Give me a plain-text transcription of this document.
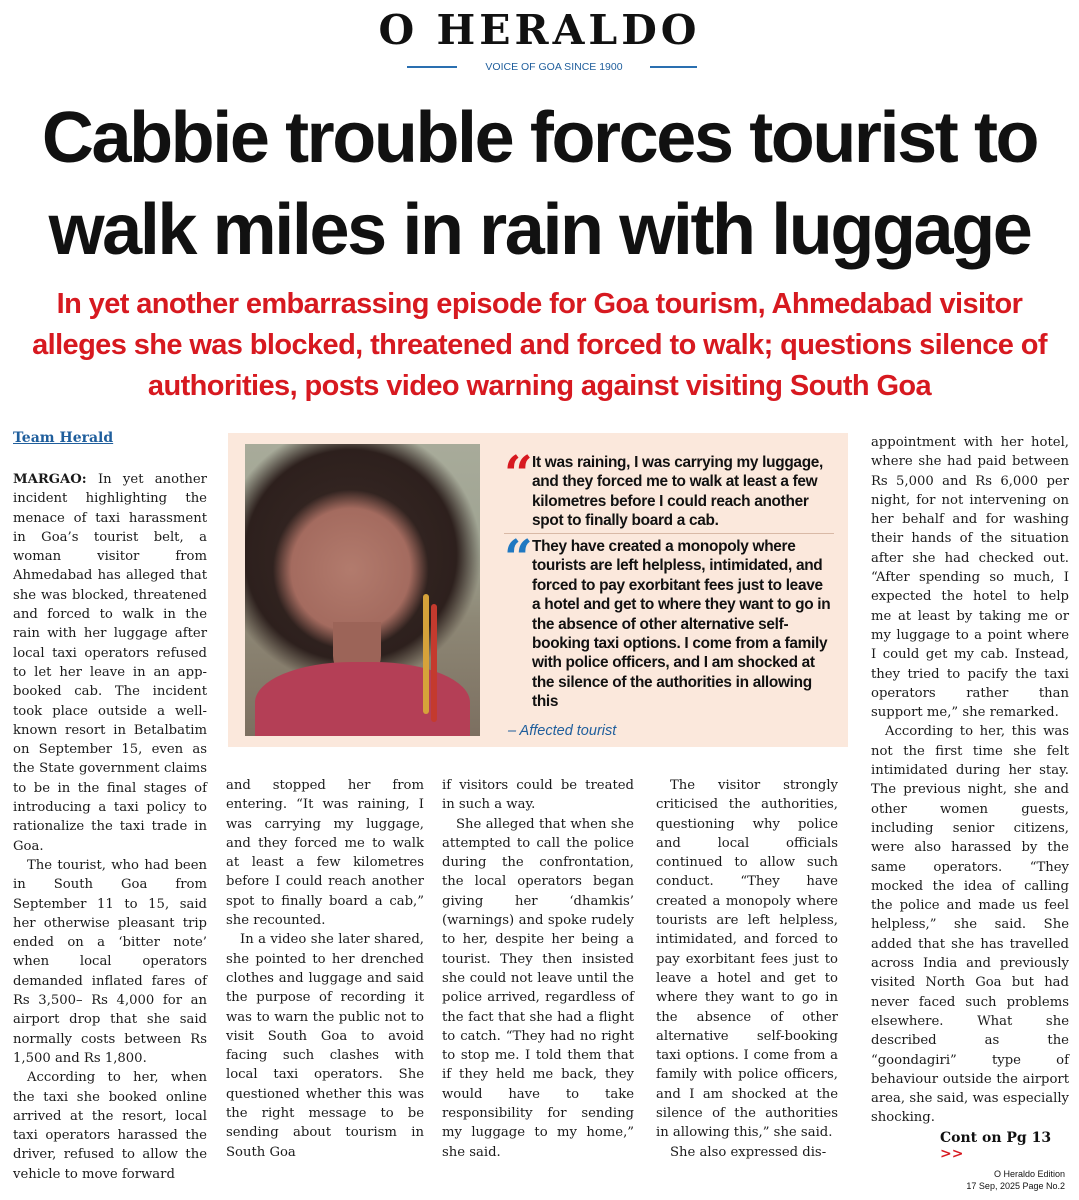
O HERALDO
VOICE OF GOA SINCE 1900
Cabbie trouble forces tourist to walk miles in rain with luggage
In yet another embarrassing episode for Goa tourism, Ahmedabad visitor alleges she was blocked, threatened and forced to walk; questions silence of authorities, posts video warning against visiting South Goa
Team Herald

MARGAO: In yet another incident highlighting the menace of taxi harassment in Goa’s tourist belt, a woman visitor from Ahmedabad has alleged that she was blocked, threatened and forced to walk in the rain with her luggage after local taxi operators refused to let her leave in an app-booked cab. The incident took place outside a well-known resort in Betalbatim on September 15, even as the State government claims to be in the final stages of introducing a taxi policy to rationalize the taxi trade in Goa.

The tourist, who had been in South Goa from September 11 to 15, said her otherwise pleasant trip ended on a ‘bitter note’ when local operators demanded inflated fares of Rs 3,500– Rs 4,000 for an airport drop that she said normally costs between Rs 1,500 and Rs 1,800.

According to her, when the taxi she booked online arrived at the resort, local taxi operators harassed the driver, refused to allow the vehicle to move forward

“ It was raining, I was carrying my luggage, and they forced me to walk at least a few kilometres before I could reach another spot to finally board a cab.

“ They have created a monopoly where tourists are left helpless, intimidated, and forced to pay exorbitant fees just to leave a hotel and get to where they want to go in the absence of other alternative self-booking taxi options. I come from a family with police officers, and I am shocked at the silence of the authorities in allowing this

– Affected tourist

and stopped her from entering. “It was raining, I was carrying my luggage, and they forced me to walk at least a few kilometres before I could reach another spot to finally board a cab,” she recounted.

In a video she later shared, she pointed to her drenched clothes and luggage and said the purpose of recording it was to warn the public not to visit South Goa to avoid facing such clashes with local taxi operators. She questioned whether this was the right message to be sending about tourism in South Goa

if visitors could be treated in such a way.

She alleged that when she attempted to call the police during the confrontation, the local operators began giving her ‘dhamkis’ (warnings) and spoke rudely to her, despite her being a tourist. They then insisted she could not leave until the police arrived, regardless of the fact that she had a flight to catch. “They had no right to stop me. I told them that if they held me back, they would have to take responsibility for sending my luggage to my home,” she said.

The visitor strongly criticised the authorities, questioning why police and local officials continued to allow such conduct. “They have created a monopoly where tourists are left helpless, intimidated, and forced to pay exorbitant fees just to leave a hotel and get to where they want to go in the absence of other alternative self-booking taxi options. I come from a family with police officers, and I am shocked at the silence of the authorities in allowing this,” she said.

She also expressed dis-

appointment with her hotel, where she had paid between Rs 5,000 and Rs 6,000 per night, for not intervening on her behalf and for washing their hands of the situation after she had checked out. “After spending so much, I expected the hotel to help me at least by taking me or my luggage to a point where I could get my cab. Instead, they tried to pacify the taxi operators rather than support me,” she remarked.

According to her, this was not the first time she felt intimidated during her stay. The previous night, she and other women guests, including senior citizens, were also harassed by the same operators. “They mocked the idea of calling the police and made us feel helpless,” she said. She added that she has travelled across India and previously visited North Goa but had never faced such problems elsewhere. What she described as the “goondagiri” type of behaviour outside the airport area, she said, was especially shocking.

Cont on Pg 13 >>
O Heraldo Edition
17 Sep, 2025 Page No.2
